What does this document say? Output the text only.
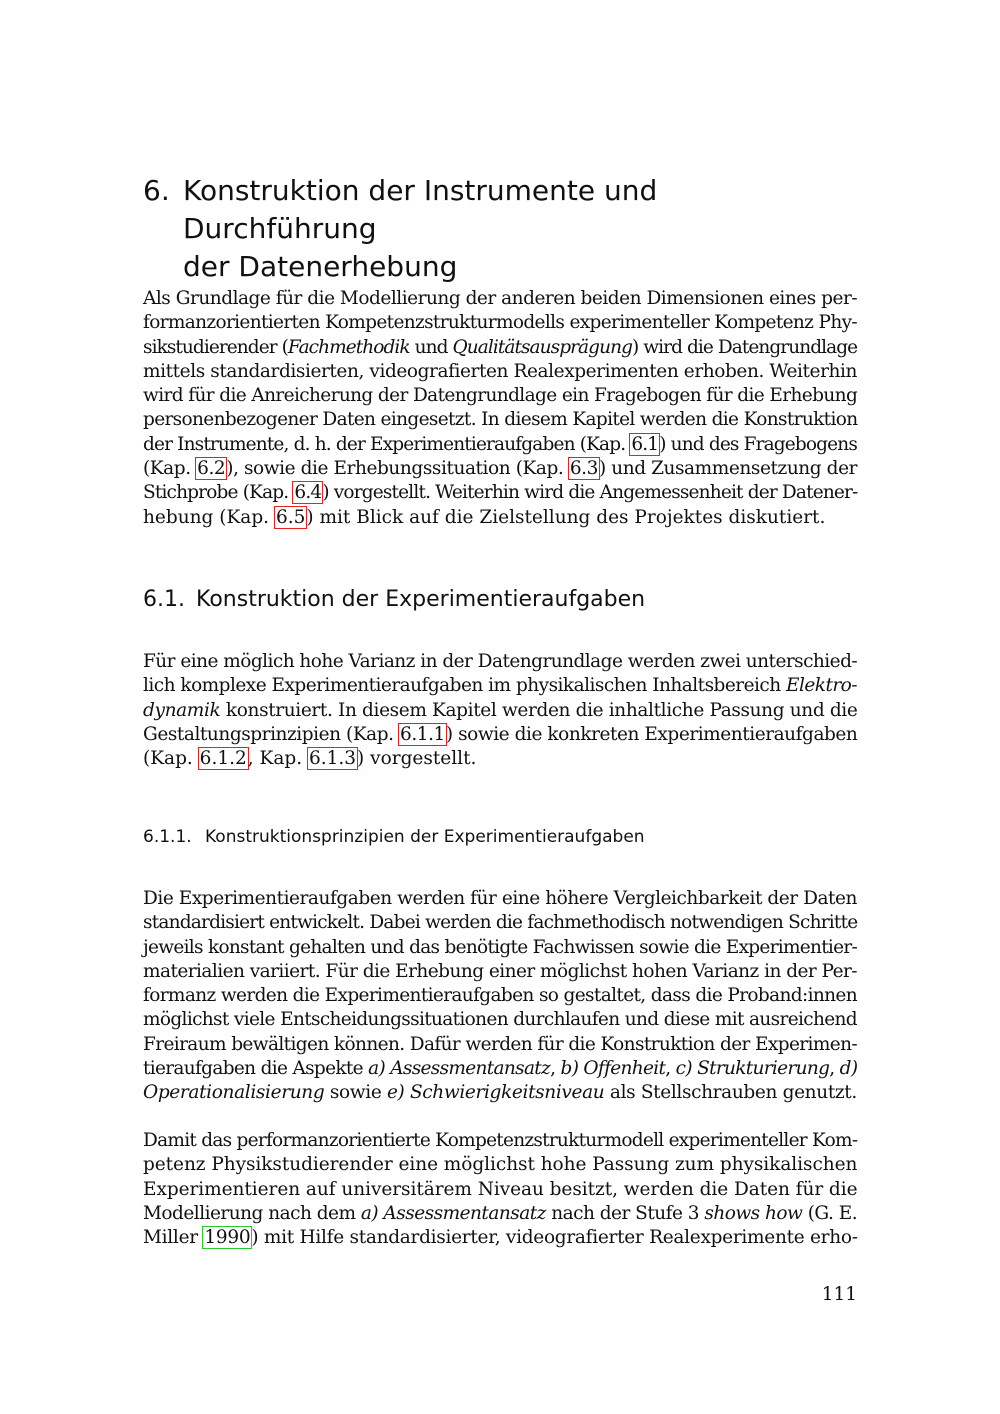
6. Konstruktion der Instrumente und Durchführung
der Datenerhebung
Als Grundlage für die Modellierung der anderen beiden Dimensionen eines per-
formanzorientierten Kompetenzstrukturmodells experimenteller Kompetenz Phy-
sikstudierender (Fachmethodik und Qualitätsausprägung) wird die Datengrundlage
mittels standardisierten, videografierten Realexperimenten erhoben. Weiterhin
wird für die Anreicherung der Datengrundlage ein Fragebogen für die Erhebung
personenbezogener Daten eingesetzt. In diesem Kapitel werden die Konstruktion
der Instrumente, d. h. der Experimentieraufgaben (Kap. 6.1) und des Fragebogens
(Kap. 6.2), sowie die Erhebungssituation (Kap. 6.3) und Zusammensetzung der
Stichprobe (Kap. 6.4) vorgestellt. Weiterhin wird die Angemessenheit der Datener-
hebung (Kap. 6.5) mit Blick auf die Zielstellung des Projektes diskutiert.
6.1. Konstruktion der Experimentieraufgaben
Für eine möglich hohe Varianz in der Datengrundlage werden zwei unterschied-
lich komplexe Experimentieraufgaben im physikalischen Inhaltsbereich Elektro-
dynamik konstruiert. In diesem Kapitel werden die inhaltliche Passung und die
Gestaltungsprinzipien (Kap. 6.1.1) sowie die konkreten Experimentieraufgaben
(Kap. 6.1.2, Kap. 6.1.3) vorgestellt.
6.1.1. Konstruktionsprinzipien der Experimentieraufgaben
Die Experimentieraufgaben werden für eine höhere Vergleichbarkeit der Daten
standardisiert entwickelt. Dabei werden die fachmethodisch notwendigen Schritte
jeweils konstant gehalten und das benötigte Fachwissen sowie die Experimentier-
materialien variiert. Für die Erhebung einer möglichst hohen Varianz in der Per-
formanz werden die Experimentieraufgaben so gestaltet, dass die Proband:innen
möglichst viele Entscheidungssituationen durchlaufen und diese mit ausreichend
Freiraum bewältigen können. Dafür werden für die Konstruktion der Experimen-
tieraufgaben die Aspekte a) Assessmentansatz, b) Offenheit, c) Strukturierung, d)
Operationalisierung sowie e) Schwierigkeitsniveau als Stellschrauben genutzt.
Damit das performanzorientierte Kompetenzstrukturmodell experimenteller Kom-
petenz Physikstudierender eine möglichst hohe Passung zum physikalischen
Experimentieren auf universitärem Niveau besitzt, werden die Daten für die
Modellierung nach dem a) Assessmentansatz nach der Stufe 3 shows how (G. E.
Miller 1990) mit Hilfe standardisierter, videografierter Realexperimente erho-
111
